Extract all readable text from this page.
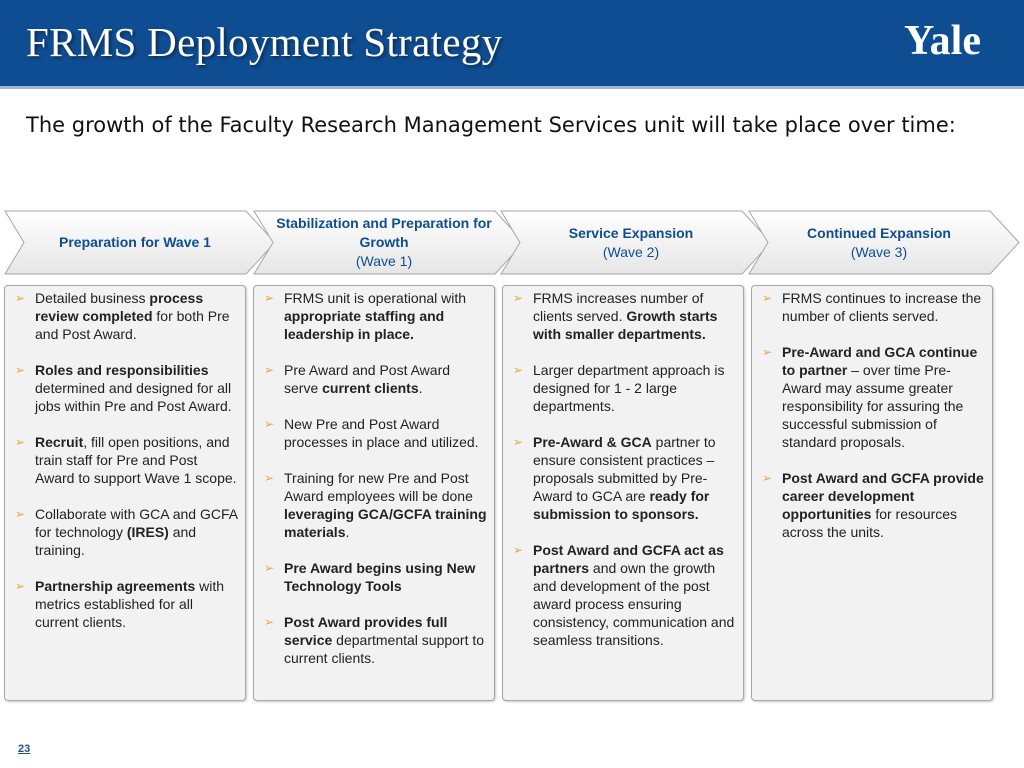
FRMS Deployment Strategy	Yale

The growth of the Faculty Research Management Services unit will take place over time:

Preparation for Wave 1
Stabilization and Preparation for Growth
(Wave 1)
Service Expansion
(Wave 2)
Continued Expansion
(Wave 3)
➢ Detailed business process review completed for both Pre and Post Award.
➢ Roles and responsibilities determined and designed for all jobs within Pre and Post Award.
➢ Recruit, fill open positions, and train staff for Pre and Post Award to support Wave 1 scope.
➢ Collaborate with GCA and GCFA for technology (IRES) and training.
➢ Partnership agreements with metrics established for all current clients.
➢ FRMS unit is operational with appropriate staffing and leadership in place.
➢ Pre Award and Post Award serve current clients.
➢ New Pre and Post Award processes in place and utilized.
➢ Training for new Pre and Post Award employees will be done leveraging GCA/GCFA training materials.
➢ Pre Award begins using New Technology Tools
➢ Post Award provides full service departmental support to current clients.
➢ FRMS increases number of clients served. Growth starts with smaller departments.
➢ Larger department approach is designed for 1 - 2 large departments.
➢ Pre-Award & GCA partner to ensure consistent practices – proposals submitted by Pre-Award to GCA are ready for submission to sponsors.
➢ Post Award and GCFA act as partners and own the growth and development of the post award process ensuring consistency, communication and seamless transitions.
➢ FRMS continues to increase the number of clients served.
➢ Pre-Award and GCA continue to partner – over time Pre-Award may assume greater responsibility for assuring the successful submission of standard proposals.
➢ Post Award and GCFA provide career development opportunities for resources across the units.
23
